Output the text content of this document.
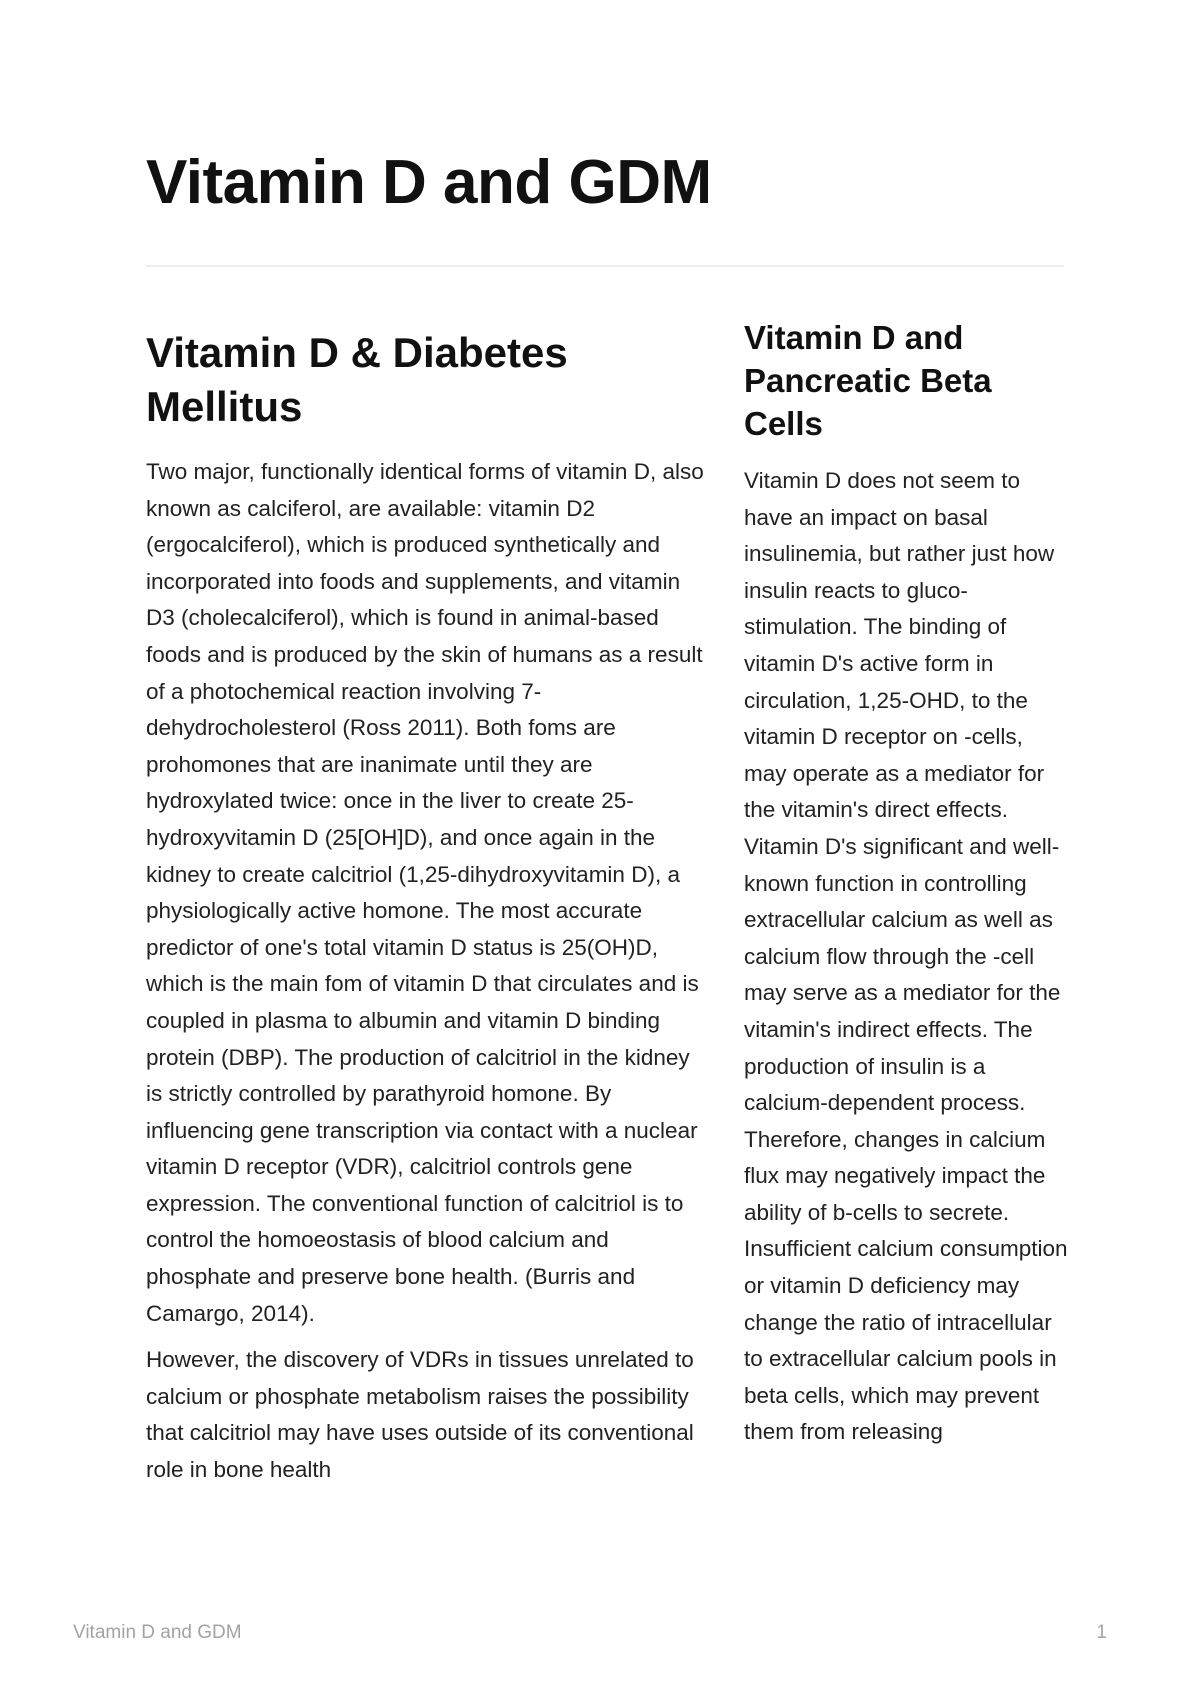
Vitamin D and GDM
Vitamin D & Diabetes Mellitus

Two major, functionally identical forms of vitamin D, also known as calciferol, are available: vitamin D2 (ergocalciferol), which is produced synthetically and incorporated into foods and supplements, and vitamin D3 (cholecalciferol), which is found in animal-based foods and is produced by the skin of humans as a result of a photochemical reaction involving 7-dehydrocholesterol (Ross 2011). Both foms are prohomones that are inanimate until they are hydroxylated twice: once in the liver to create 25-hydroxyvitamin D (25[OH]D), and once again in the kidney to create calcitriol (1,25-dihydroxyvitamin D), a physiologically active homone. The most accurate predictor of one's total vitamin D status is 25(OH)D, which is the main fom of vitamin D that circulates and is coupled in plasma to albumin and vitamin D binding protein (DBP). The production of calcitriol in the kidney is strictly controlled by parathyroid homone. By influencing gene transcription via contact with a nuclear vitamin D receptor (VDR), calcitriol controls gene expression. The conventional function of calcitriol is to control the homoeostasis of blood calcium and phosphate and preserve bone health. (Burris and Camargo, 2014).

However, the discovery of VDRs in tissues unrelated to calcium or phosphate metabolism raises the possibility that calcitriol may have uses outside of its conventional role in bone health

Vitamin D and Pancreatic Beta Cells

Vitamin D does not seem to have an impact on basal insulinemia, but rather just how insulin reacts to gluco-stimulation. The binding of vitamin D's active form in circulation, 1,25-OHD, to the vitamin D receptor on -cells, may operate as a mediator for the vitamin's direct effects. Vitamin D's significant and well-known function in controlling extracellular calcium as well as calcium flow through the -cell may serve as a mediator for the vitamin's indirect effects. The production of insulin is a calcium-dependent process. Therefore, changes in calcium flux may negatively impact the ability of b-cells to secrete. Insufficient calcium consumption or vitamin D deficiency may change the ratio of intracellular to extracellular calcium pools in beta cells, which may prevent them from releasing

Vitamin D and GDM	1
